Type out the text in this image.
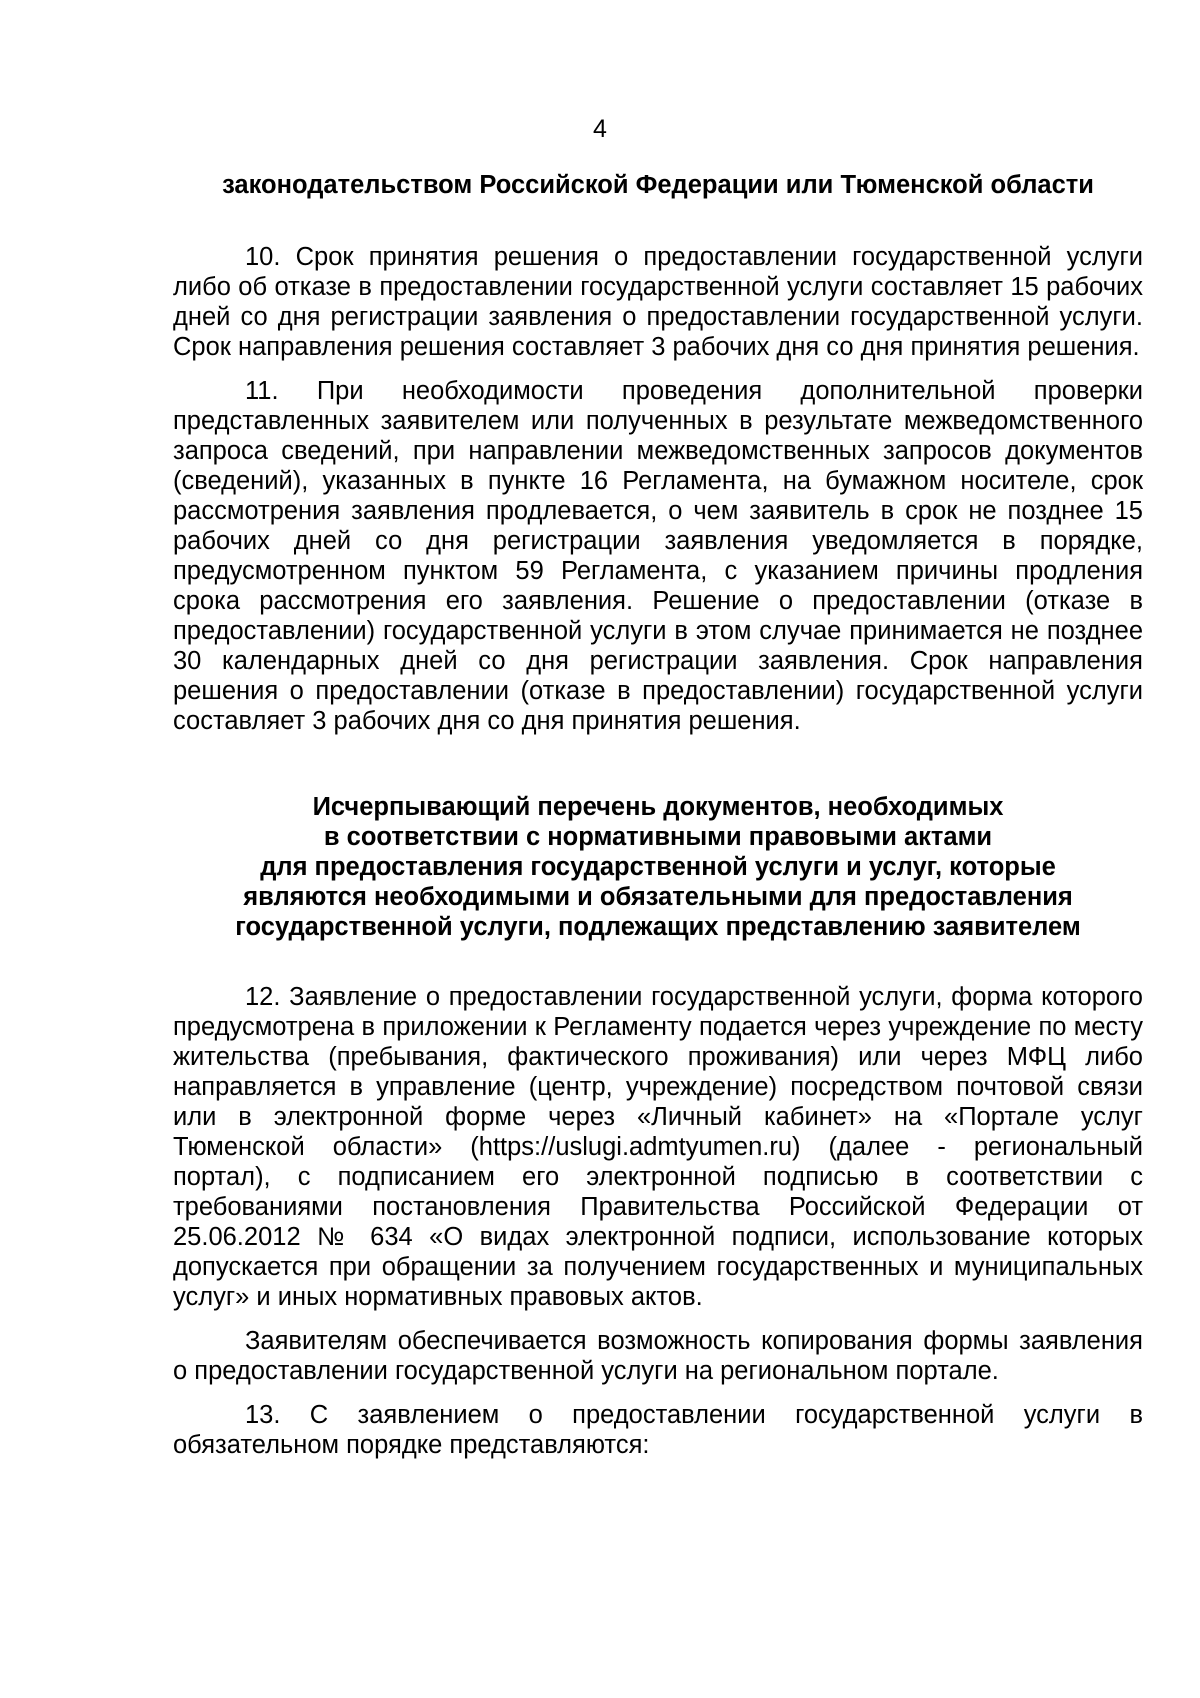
4

законодательством Российской Федерации или Тюменской области

10. Срок принятия решения о предоставлении государственной услуги либо об отказе в предоставлении государственной услуги составляет 15 рабочих дней со дня регистрации заявления о предоставлении государственной услуги. Срок направления решения составляет 3 рабочих дня со дня принятия решения.

11. При необходимости проведения дополнительной проверки представленных заявителем или полученных в результате межведомственного запроса сведений, при направлении межведомственных запросов документов (сведений), указанных в пункте 16 Регламента, на бумажном носителе, срок рассмотрения заявления продлевается, о чем заявитель в срок не позднее 15 рабочих дней со дня регистрации заявления уведомляется в порядке, предусмотренном пунктом 59 Регламента, с указанием причины продления срока рассмотрения его заявления. Решение о предоставлении (отказе в предоставлении) государственной услуги в этом случае принимается не позднее 30 календарных дней со дня регистрации заявления. Срок направления решения о предоставлении (отказе в предоставлении) государственной услуги составляет 3 рабочих дня со дня принятия решения.

Исчерпывающий перечень документов, необходимых

в соответствии с нормативными правовыми актами

для предоставления государственной услуги и услуг, которые

являются необходимыми и обязательными для предоставления

государственной услуги, подлежащих представлению заявителем

12. Заявление о предоставлении государственной услуги, форма которого предусмотрена в приложении к Регламенту подается через учреждение по месту жительства (пребывания, фактического проживания) или через МФЦ либо направляется в управление (центр, учреждение) посредством почтовой связи или в электронной форме через «Личный кабинет» на «Портале услуг Тюменской области» (https://uslugi.admtyumen.ru) (далее - региональный портал), с подписанием его электронной подписью в соответствии с требованиями постановления Правительства Российской Федерации от 25.06.2012 № 634 «О видах электронной подписи, использование которых допускается при обращении за получением государственных и муниципальных услуг» и иных нормативных правовых актов.

Заявителям обеспечивается возможность копирования формы заявления о предоставлении государственной услуги на региональном портале.

13. С заявлением о предоставлении государственной услуги в обязательном порядке представляются:
